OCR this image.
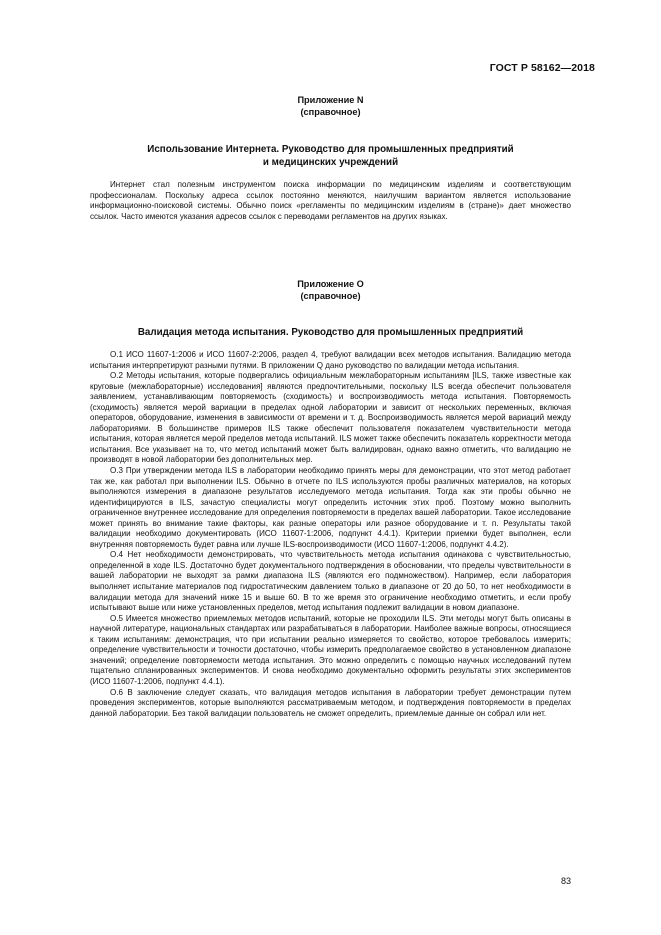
ГОСТ Р 58162—2018
Приложение N
(справочное)
Использование Интернета. Руководство для промышленных предприятий
и медицинских учреждений

Интернет стал полезным инструментом поиска информации по медицинским изделиям и соответствующим профессионалам. Поскольку адреса ссылок постоянно меняются, наилучшим вариантом является использование информационно-поисковой системы. Обычно поиск «регламенты по медицинским изделиям в (стране)» дает множество ссылок. Часто имеются указания адресов ссылок с переводами регламентов на других языках.

Приложение О
(справочное)
Валидация метода испытания. Руководство для промышленных предприятий

О.1 ИСО 11607-1:2006 и ИСО 11607-2:2006, раздел 4, требуют валидации всех методов испытания. Валидацию метода испытания интерпретируют разными путями. В приложении Q дано руководство по валидации метода испытания.

О.2 Методы испытания, которые подвергались официальным межлабораторным испытаниям [ILS, также известные как круговые (межлабораторные) исследования] являются предпочтительными, поскольку ILS всегда обеспечит пользователя заявлением, устанавливающим повторяемость (сходимость) и воспроизводимость метода испытания. Повторяемость (сходимость) является мерой вариации в пределах одной лаборатории и зависит от нескольких переменных, включая операторов, оборудование, изменения в зависимости от времени и т. д. Воспроизводимость является мерой вариаций между лабораториями. В большинстве примеров ILS также обеспечит пользователя показателем чувствительности метода испытания, которая является мерой пределов метода испытаний. ILS может также обеспечить показатель корректности метода испытания. Все указывает на то, что метод испытаний может быть валидирован, однако важно отметить, что валидацию не производят в новой лаборатории без дополнительных мер.

О.3 При утверждении метода ILS в лаборатории необходимо принять меры для демонстрации, что этот метод работает так же, как работал при выполнении ILS. Обычно в отчете по ILS используются пробы различных материалов, на которых выполняются измерения в диапазоне результатов исследуемого метода испытания. Тогда как эти пробы обычно не идентифицируются в ILS, зачастую специалисты могут определить источник этих проб. Поэтому можно выполнить ограниченное внутреннее исследование для определения повторяемости в пределах вашей лаборатории. Такое исследование может принять во внимание такие факторы, как разные операторы или разное оборудование и т. п. Результаты такой валидации необходимо документировать (ИСО 11607-1:2006, подпункт 4.4.1). Критерии приемки будет выполнен, если внутренняя повторяемость будет равна или лучше ILS-воспроизводимости (ИСО 11607-1:2006, подпункт 4.4.2).

О.4 Нет необходимости демонстрировать, что чувствительность метода испытания одинакова с чувствительностью, определенной в ходе ILS. Достаточно будет документального подтверждения в обосновании, что пределы чувствительности в вашей лаборатории не выходят за рамки диапазона ILS (являются его подмножеством). Например, если лаборатория выполняет испытание материалов под гидростатическим давлением только в диапазоне от 20 до 50, то нет необходимости в валидации метода для значений ниже 15 и выше 60. В то же время это ограничение необходимо отметить, и если пробу испытывают выше или ниже установленных пределов, метод испытания подлежит валидации в новом диапазоне.

О.5 Имеется множество приемлемых методов испытаний, которые не проходили ILS. Эти методы могут быть описаны в научной литературе, национальных стандартах или разрабатываться в лаборатории. Наиболее важные вопросы, относящиеся к таким испытаниям: демонстрация, что при испытании реально измеряется то свойство, которое требовалось измерить; определение чувствительности и точности достаточно, чтобы измерить предполагаемое свойство в установленном диапазоне значений; определение повторяемости метода испытания. Это можно определить с помощью научных исследований путем тщательно спланированных экспериментов. И снова необходимо документально оформить результаты этих экспериментов (ИСО 11607-1:2006, подпункт 4.4.1).

О.6 В заключение следует сказать, что валидация методов испытания в лаборатории требует демонстрации путем проведения экспериментов, которые выполняются рассматриваемым методом, и подтверждения повторяемости в пределах данной лаборатории. Без такой валидации пользователь не сможет определить, приемлемые данные он собрал или нет.

83
